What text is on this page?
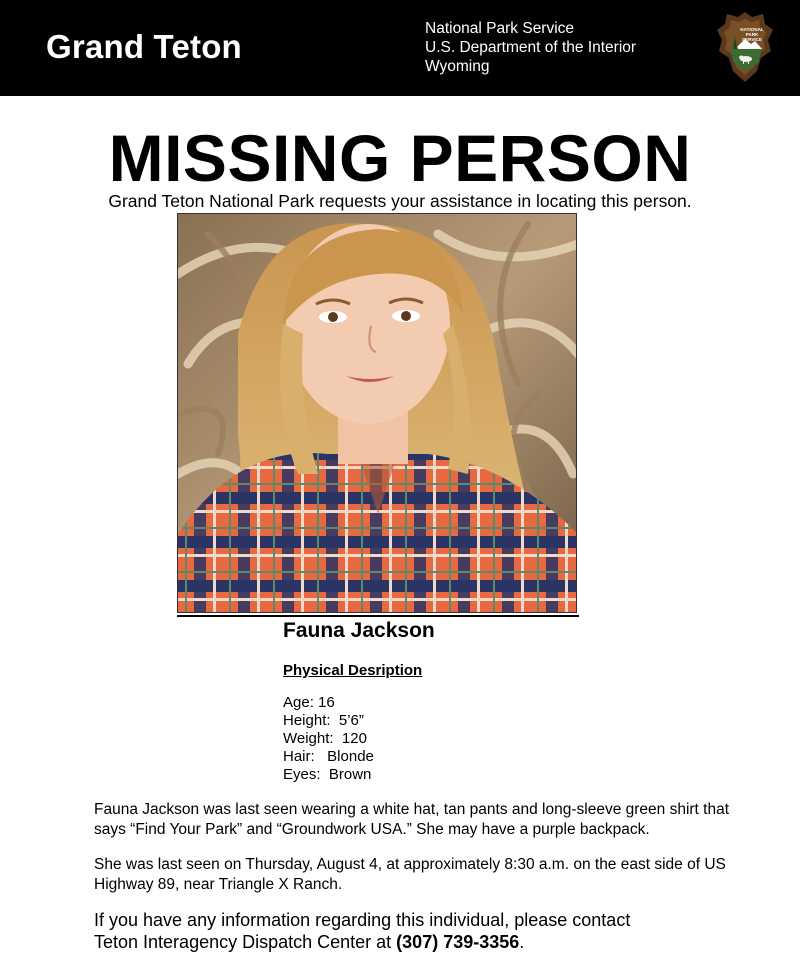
Grand Teton	National Park Service
U.S. Department of the Interior
Wyoming
NATIONAL
PARK
SERVICE
MISSING PERSON
Grand Teton National Park requests your assistance in locating this person.
Fauna Jackson
Physical Desription
Age: 16
Height:  5’6”
Weight:  120
Hair:   Blonde
Eyes:  Brown
Fauna Jackson was last seen wearing a white hat, tan pants and long-sleeve green shirt that says “Find Your Park” and “Groundwork USA.” She may have a purple backpack.
She was last seen on Thursday, August 4, at approximately 8:30 a.m. on the east side of US Highway 89, near Triangle X Ranch.
If you have any information regarding this individual, please contact
Teton Interagency Dispatch Center at (307) 739-3356.
